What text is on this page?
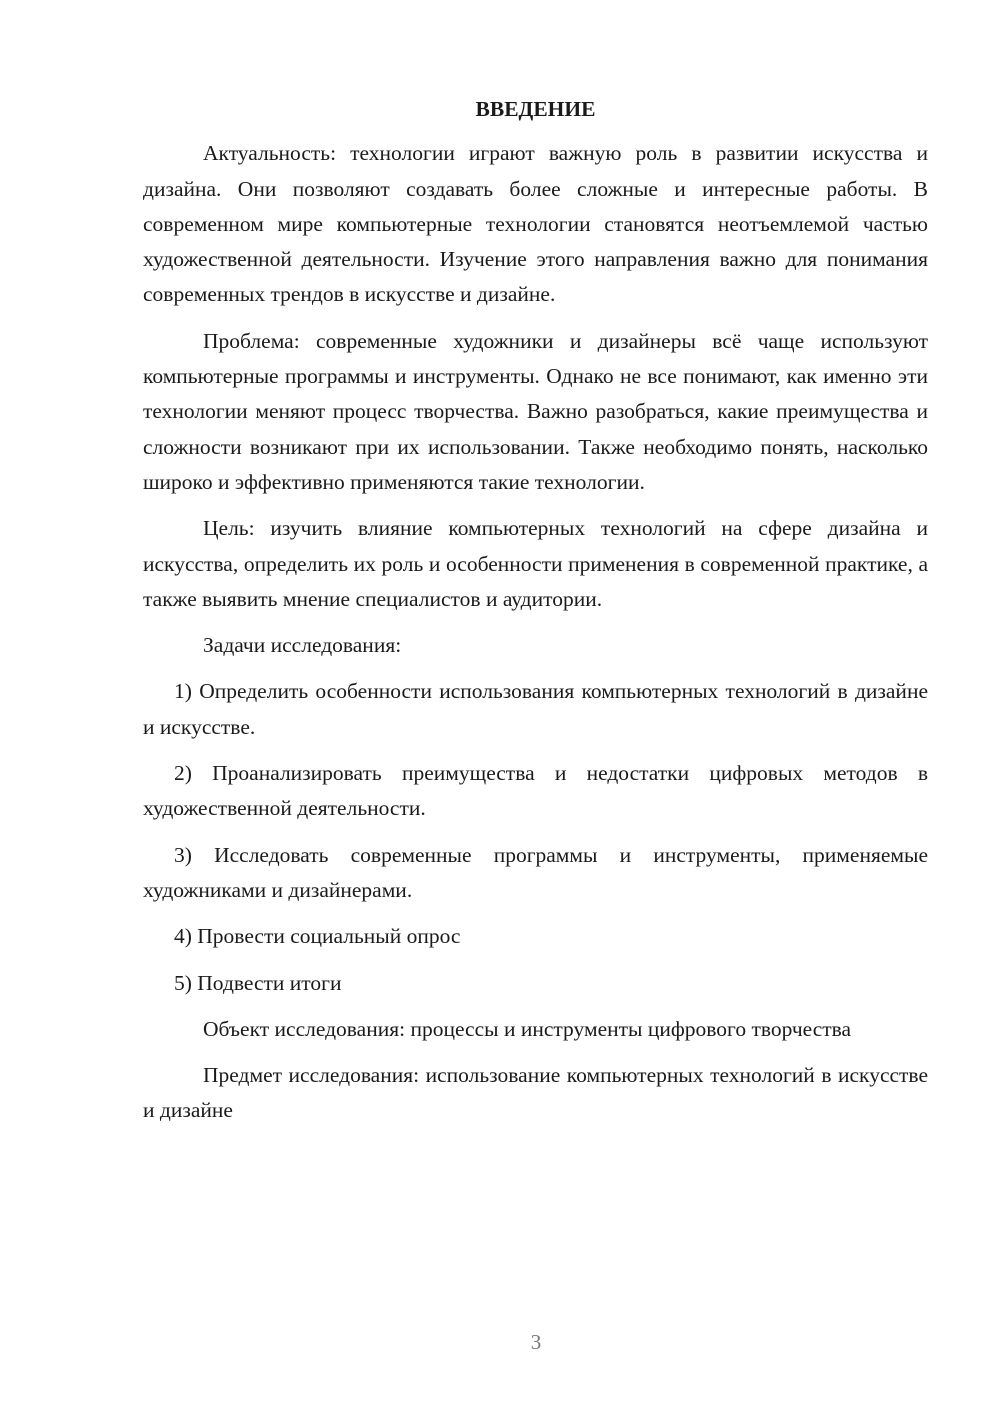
ВВЕДЕНИЕ

Актуальность: технологии играют важную роль в развитии искусства и дизайна. Они позволяют создавать более сложные и интересные работы. В современном мире компьютерные технологии становятся неотъемлемой частью художественной деятельности. Изучение этого направления важно для понимания современных трендов в искусстве и дизайне.

Проблема: современные художники и дизайнеры всё чаще используют компьютерные программы и инструменты. Однако не все понимают, как именно эти технологии меняют процесс творчества. Важно разобраться, какие преимущества и сложности возникают при их использовании. Также необходимо понять, насколько широко и эффективно применяются такие технологии.

Цель: изучить влияние компьютерных технологий на сфере дизайна и искусства, определить их роль и особенности применения в современной практике, а также выявить мнение специалистов и аудитории.

Задачи исследования:

1) Определить особенности использования компьютерных технологий в дизайне и искусстве.

2) Проанализировать преимущества и недостатки цифровых методов в художественной деятельности.

3) Исследовать современные программы и инструменты, применяемые художниками и дизайнерами.

4) Провести социальный опрос

5) Подвести итоги

Объект исследования: процессы и инструменты цифрового творчества

Предмет исследования: использование компьютерных технологий в искусстве и дизайне

3
